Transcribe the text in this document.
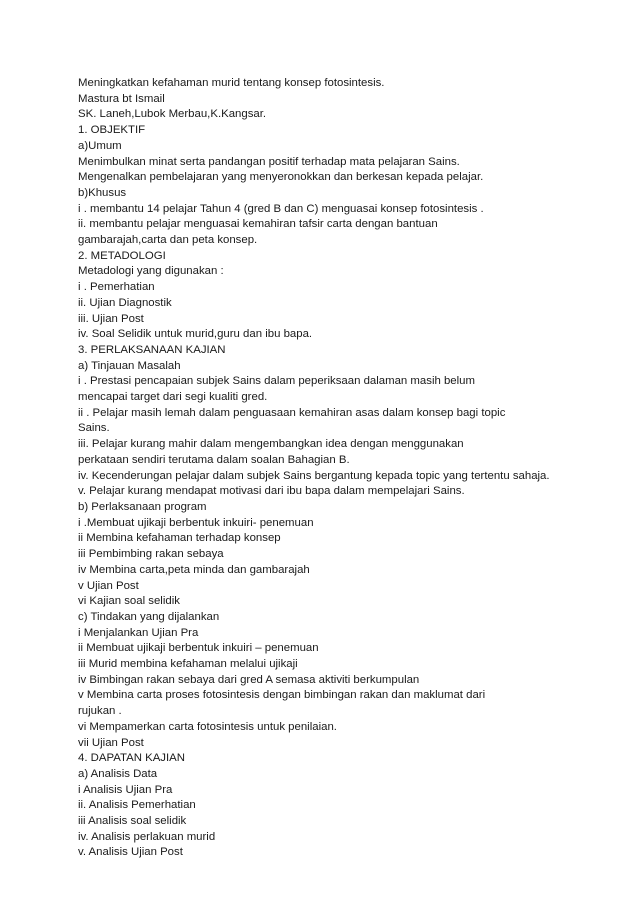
Meningkatkan kefahaman murid tentang konsep fotosintesis.
Mastura bt Ismail
SK. Laneh,Lubok Merbau,K.Kangsar.
1. OBJEKTIF
a)Umum
Menimbulkan minat serta pandangan positif terhadap mata pelajaran Sains.
Mengenalkan pembelajaran yang menyeronokkan dan berkesan kepada pelajar.
b)Khusus
i . membantu 14 pelajar Tahun 4 (gred B dan C) menguasai konsep fotosintesis .
ii. membantu pelajar menguasai kemahiran tafsir carta dengan bantuan
gambarajah,carta dan peta konsep.
2. METADOLOGI
Metadologi yang digunakan :
i . Pemerhatian
ii. Ujian Diagnostik
iii. Ujian Post
iv. Soal Selidik untuk murid,guru dan ibu bapa.
3. PERLAKSANAAN KAJIAN
a) Tinjauan Masalah
i . Prestasi pencapaian subjek Sains dalam peperiksaan dalaman masih belum
mencapai target dari segi kualiti gred.
ii . Pelajar masih lemah dalam penguasaan kemahiran asas dalam konsep bagi topic
Sains.
iii. Pelajar kurang mahir dalam mengembangkan idea dengan menggunakan
perkataan sendiri terutama dalam soalan Bahagian B.
iv. Kecenderungan pelajar dalam subjek Sains bergantung kepada topic yang tertentu sahaja.
v. Pelajar kurang mendapat motivasi dari ibu bapa dalam mempelajari Sains.
b) Perlaksanaan program
i .Membuat ujikaji berbentuk inkuiri- penemuan
ii Membina kefahaman terhadap konsep
iii Pembimbing rakan sebaya
iv Membina carta,peta minda dan gambarajah
v Ujian Post
vi Kajian soal selidik
c) Tindakan yang dijalankan
i Menjalankan Ujian Pra
ii Membuat ujikaji berbentuk inkuiri – penemuan
iii Murid membina kefahaman melalui ujikaji
iv Bimbingan rakan sebaya dari gred A semasa aktiviti berkumpulan
v Membina carta proses fotosintesis dengan bimbingan rakan dan maklumat dari
rujukan .
vi Mempamerkan carta fotosintesis untuk penilaian.
vii Ujian Post
4. DAPATAN KAJIAN
a) Analisis Data
i Analisis Ujian Pra
ii. Analisis Pemerhatian
iii Analisis soal selidik
iv. Analisis perlakuan murid
v. Analisis Ujian Post
